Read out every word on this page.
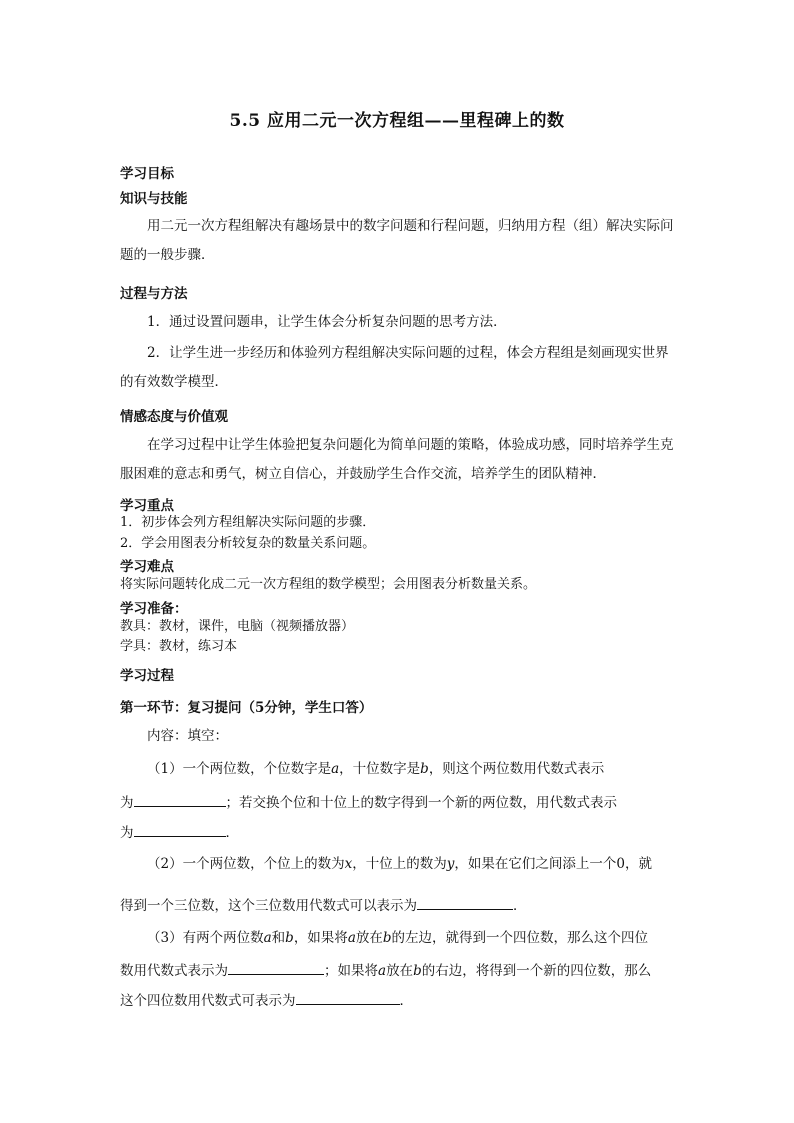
5.5 应用二元一次方程组——里程碑上的数
学习目标
知识与技能
用二元一次方程组解决有趣场景中的数字问题和行程问题，归纳用方程（组）解决实际问题的一般步骤．
过程与方法
1．通过设置问题串，让学生体会分析复杂问题的思考方法．
2．让学生进一步经历和体验列方程组解决实际问题的过程，体会方程组是刻画现实世界的有效数学模型．
情感态度与价值观
在学习过程中让学生体验把复杂问题化为简单问题的策略，体验成功感，同时培养学生克服困难的意志和勇气，树立自信心，并鼓励学生合作交流，培养学生的团队精神．
学习重点
1．初步体会列方程组解决实际问题的步骤．
2．学会用图表分析较复杂的数量关系问题。
学习难点
将实际问题转化成二元一次方程组的数学模型；会用图表分析数量关系。
学习准备：
教具：教材，课件，电脑（视频播放器）
学具：教材，练习本
学习过程
第一环节：复习提问（5分钟，学生口答）
内容：填空：
（1）一个两位数，个位数字是a，十位数字是b，则这个两位数用代数式表示
为	；若交换个位和十位上的数字得到一个新的两位数，用代数式表示
为	．
（2）一个两位数，个位上的数为x，十位上的数为y，如果在它们之间添上一个0，就
得到一个三位数，这个三位数用代数式可以表示为	．
（3）有两个两位数a和b，如果将a放在b的左边，就得到一个四位数，那么这个四位
数用代数式表示为	；如果将a放在b的右边，将得到一个新的四位数，那么
这个四位数用代数式可表示为	．
